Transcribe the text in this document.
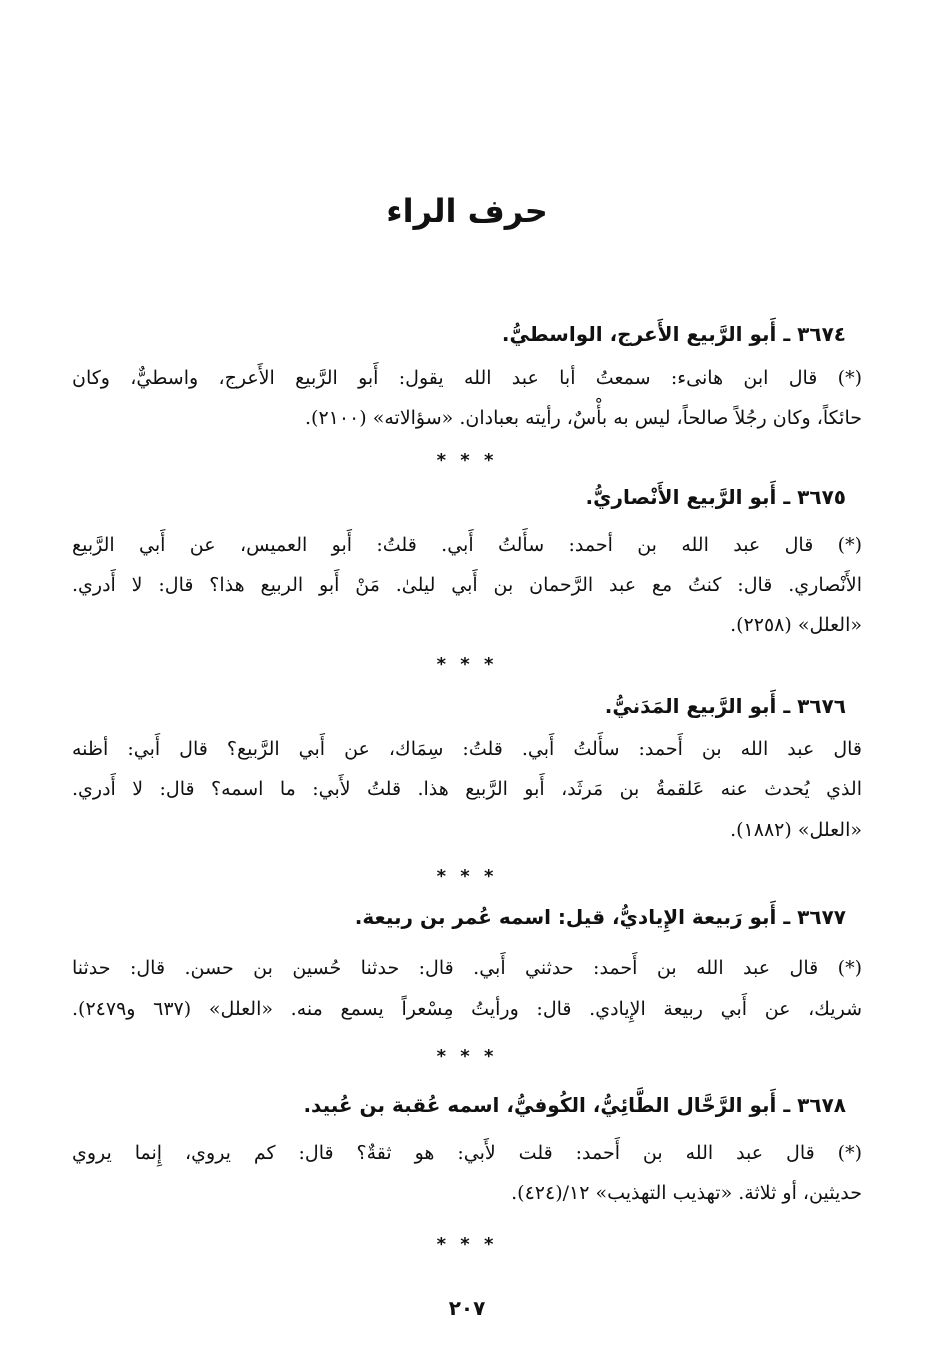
حرف الراء
٣٦٧٤ ـ أَبو الرَّبيع الأَعرج، الواسطيُّ.
(*) قال ابن هانىء: سمعتُ أبا عبد الله يقول: أَبو الرَّبيع الأَعرج، واسطيٌّ، وكان
حائكاً، وكان رجُلاً صالحاً، ليس به بأْسٌ، رأيته بعبادان. «سؤالاته» (٢١٠٠).
* * *
٣٦٧٥ ـ أَبو الرَّبيع الأَنْصاريُّ.
(*) قال عبد الله بن أحمد: سأَلتُ أَبي. قلتُ: أَبو العميس، عن أَبي الرَّبيع
الأَنْصاري. قال: كنتُ مع عبد الرَّحمان بن أَبي ليلىٰ. مَنْ أَبو الربيع هذا؟ قال: لا أَدري.
«العلل» (٢٢٥٨).
* * *
٣٦٧٦ ـ أَبو الرَّبيع المَدَنيُّ.
قال عبد الله بن أَحمد: سأَلتُ أَبي. قلتُ: سِمَاك، عن أَبي الرَّبيع؟ قال أَبي: أظنه
الذي يُحدث عنه عَلقمةُ بن مَرثَد، أَبو الرَّبيع هذا. قلتُ لأَبي: ما اسمه؟ قال: لا أَدري.
«العلل» (١٨٨٢).
* * *
٣٦٧٧ ـ أَبو رَبيعة الإِياديُّ، قيل: اسمه عُمر بن ربيعة.
(*) قال عبد الله بن أَحمد: حدثني أَبي. قال: حدثنا حُسين بن حسن. قال: حدثنا
شريك، عن أَبي ربيعة الإِيادي. قال: ورأيتُ مِسْعراً يسمع منه. «العلل» (٦٣٧ و٢٤٧٩).
* * *
٣٦٧٨ ـ أَبو الرَّحَّال الطَّائِيُّ، الكُوفيُّ، اسمه عُقبة بن عُبيد.
(*) قال عبد الله بن أَحمد: قلت لأَبي: هو ثقةٌ؟ قال: كم يروي، إِنما يروي
حديثين، أو ثلاثة. «تهذيب التهذيب» ١٢/(٤٢٤).
* * *
٢٠٧
